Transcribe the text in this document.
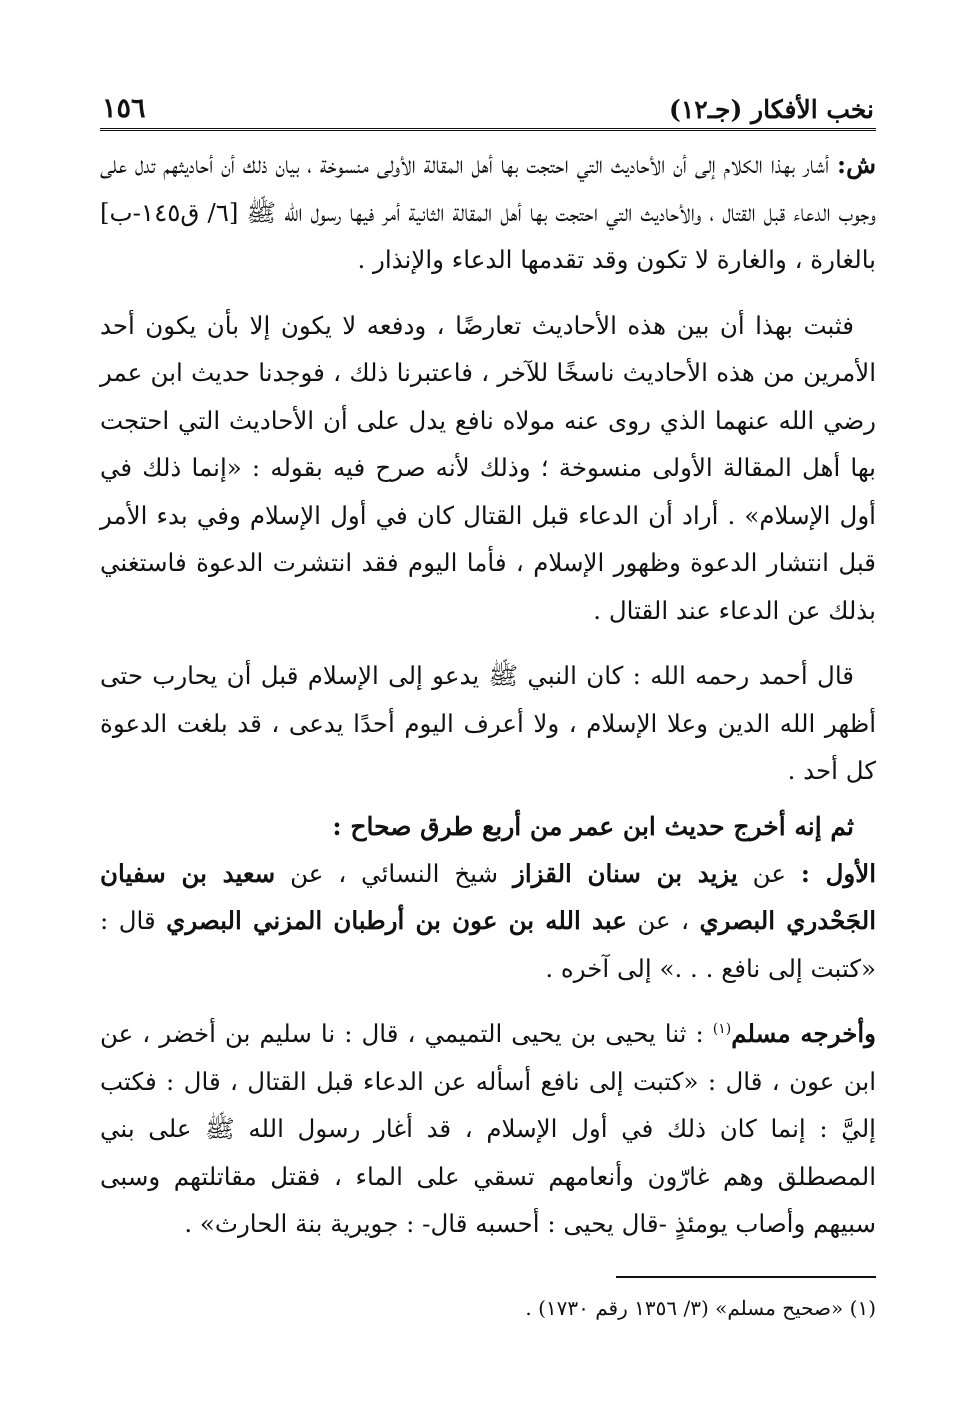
نخب الأفكار (جـ١٢)
١٥٦

ش: أشار بهذا الكلام إلى أن الأحاديث التي احتجت بها أهل المقالة الأولى منسوخة ، بيان ذلك أن أحاديثهم تدل على وجوب الدعاء قبل القتال ، والأحاديث التي احتجت بها أهل المقالة الثانية أمر فيها رسول الله ﷺ [٦/ ق١٤٥-ب] بالغارة ، والغارة لا تكون وقد تقدمها الدعاء والإنذار .

فثبت بهذا أن بين هذه الأحاديث تعارضًا ، ودفعه لا يكون إلا بأن يكون أحد الأمرين من هذه الأحاديث ناسخًا للآخر ، فاعتبرنا ذلك ، فوجدنا حديث ابن عمر رضي الله عنهما الذي روى عنه مولاه نافع يدل على أن الأحاديث التي احتجت بها أهل المقالة الأولى منسوخة ؛ وذلك لأنه صرح فيه بقوله : «إنما ذلك في أول الإسلام» . أراد أن الدعاء قبل القتال كان في أول الإسلام وفي بدء الأمر قبل انتشار الدعوة وظهور الإسلام ، فأما اليوم فقد انتشرت الدعوة فاستغني بذلك عن الدعاء عند القتال .

قال أحمد رحمه الله : كان النبي ﷺ يدعو إلى الإسلام قبل أن يحارب حتى أظهر الله الدين وعلا الإسلام ، ولا أعرف اليوم أحدًا يدعى ، قد بلغت الدعوة كل أحد .

ثم إنه أخرج حديث ابن عمر من أربع طرق صحاح :

الأول : عن يزيد بن سنان القزاز شيخ النسائي ، عن سعيد بن سفيان الجَحْدري البصري ، عن عبد الله بن عون بن أرطبان المزني البصري قال : «كتبت إلى نافع . . .» إلى آخره .

وأخرجه مسلم$^{(١)}$ : ثنا يحيى بن يحيى التميمي ، قال : نا سليم بن أخضر ، عن ابن عون ، قال : «كتبت إلى نافع أسأله عن الدعاء قبل القتال ، قال : فكتب إليَّ : إنما كان ذلك في أول الإسلام ، قد أغار رسول الله ﷺ على بني المصطلق وهم غارّون وأنعامهم تسقي على الماء ، فقتل مقاتلتهم وسبى سبيهم وأصاب يومئذٍ -قال يحيى : أحسبه قال- : جويرية بنة الحارث» .

(١) «صحيح مسلم» (٣/ ١٣٥٦ رقم ١٧٣٠) .
